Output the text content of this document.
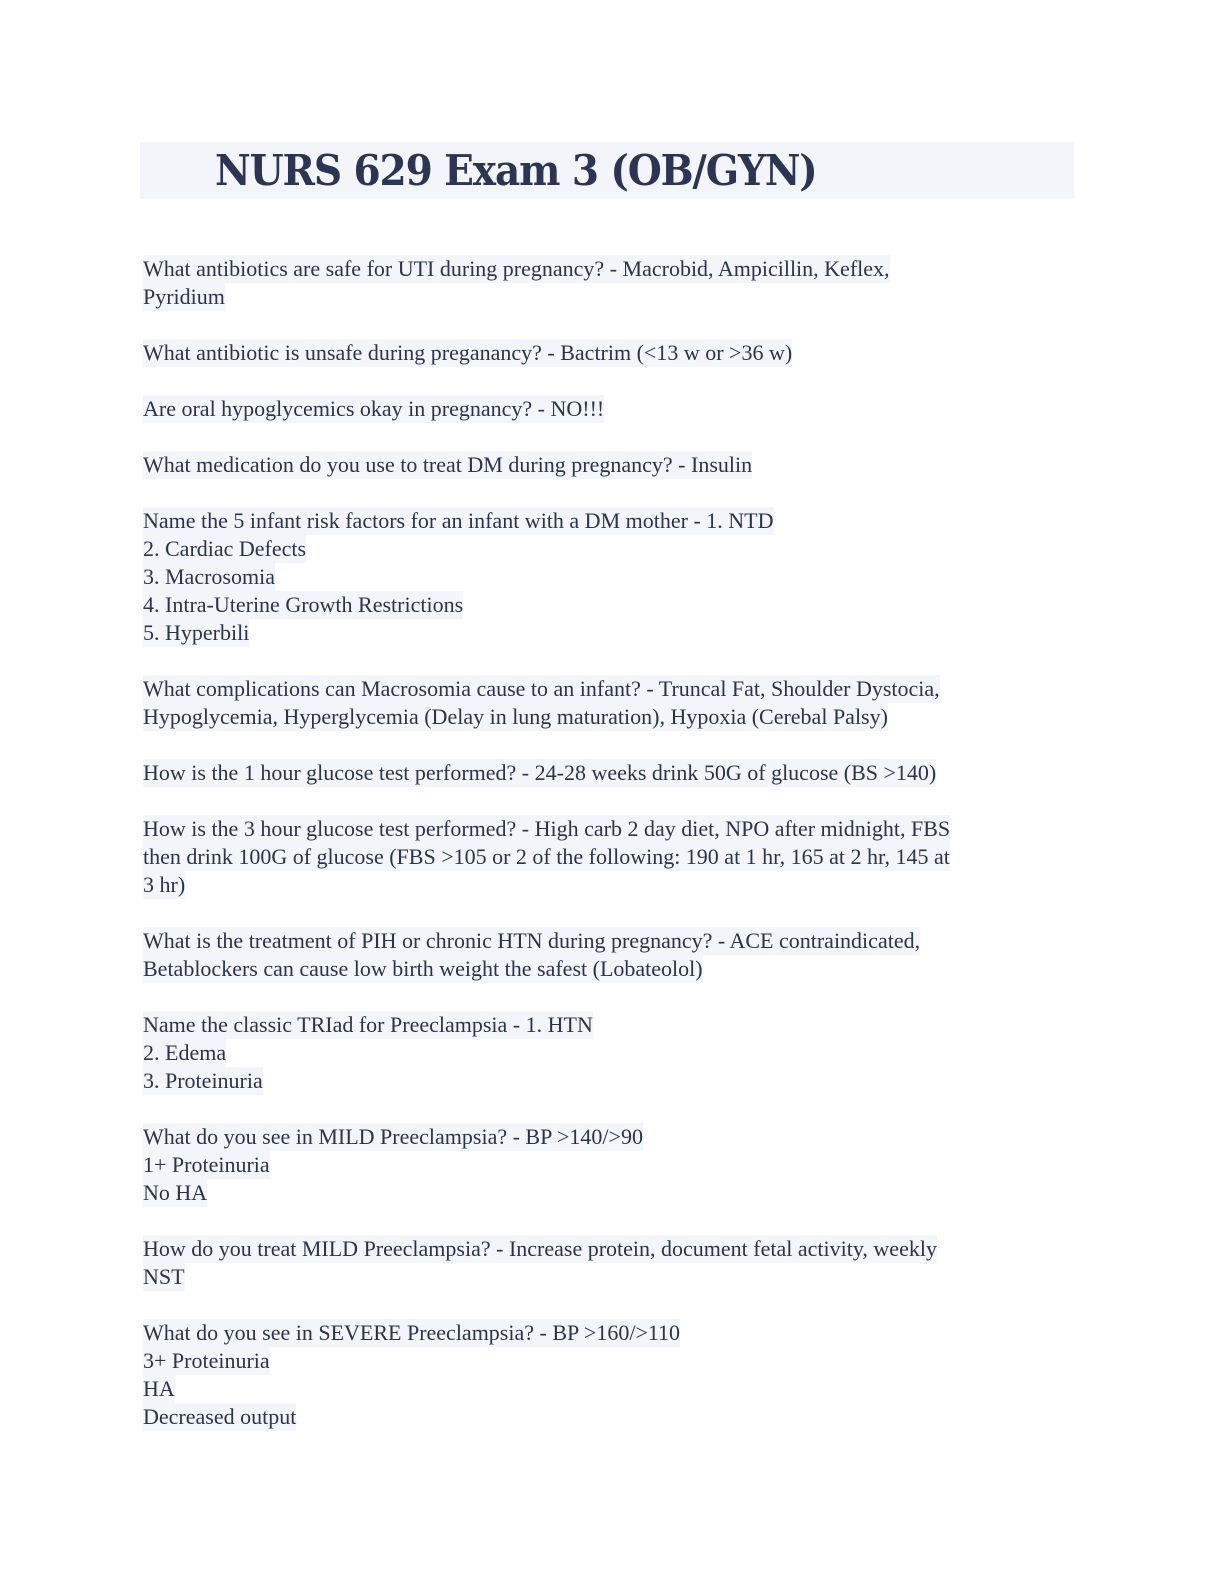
NURS 629 Exam 3 (OB/GYN)
What antibiotics are safe for UTI during pregnancy? - Macrobid, Ampicillin, Keflex,
Pyridium
What antibiotic is unsafe during preganancy? - Bactrim (<13 w or >36 w)
Are oral hypoglycemics okay in pregnancy? - NO!!!
What medication do you use to treat DM during pregnancy? - Insulin
Name the 5 infant risk factors for an infant with a DM mother - 1. NTD
2. Cardiac Defects
3. Macrosomia
4. Intra-Uterine Growth Restrictions
5. Hyperbili
What complications can Macrosomia cause to an infant? - Truncal Fat, Shoulder Dystocia,
Hypoglycemia, Hyperglycemia (Delay in lung maturation), Hypoxia (Cerebal Palsy)
How is the 1 hour glucose test performed? - 24-28 weeks drink 50G of glucose (BS >140)
How is the 3 hour glucose test performed? - High carb 2 day diet, NPO after midnight, FBS
then drink 100G of glucose (FBS >105 or 2 of the following: 190 at 1 hr, 165 at 2 hr, 145 at
3 hr)
What is the treatment of PIH or chronic HTN during pregnancy? - ACE contraindicated,
Betablockers can cause low birth weight the safest (Lobateolol)
Name the classic TRIad for Preeclampsia - 1. HTN
2. Edema
3. Proteinuria
What do you see in MILD Preeclampsia? - BP >140/>90
1+ Proteinuria
No HA
How do you treat MILD Preeclampsia? - Increase protein, document fetal activity, weekly
NST
What do you see in SEVERE Preeclampsia? - BP >160/>110
3+ Proteinuria
HA
Decreased output
